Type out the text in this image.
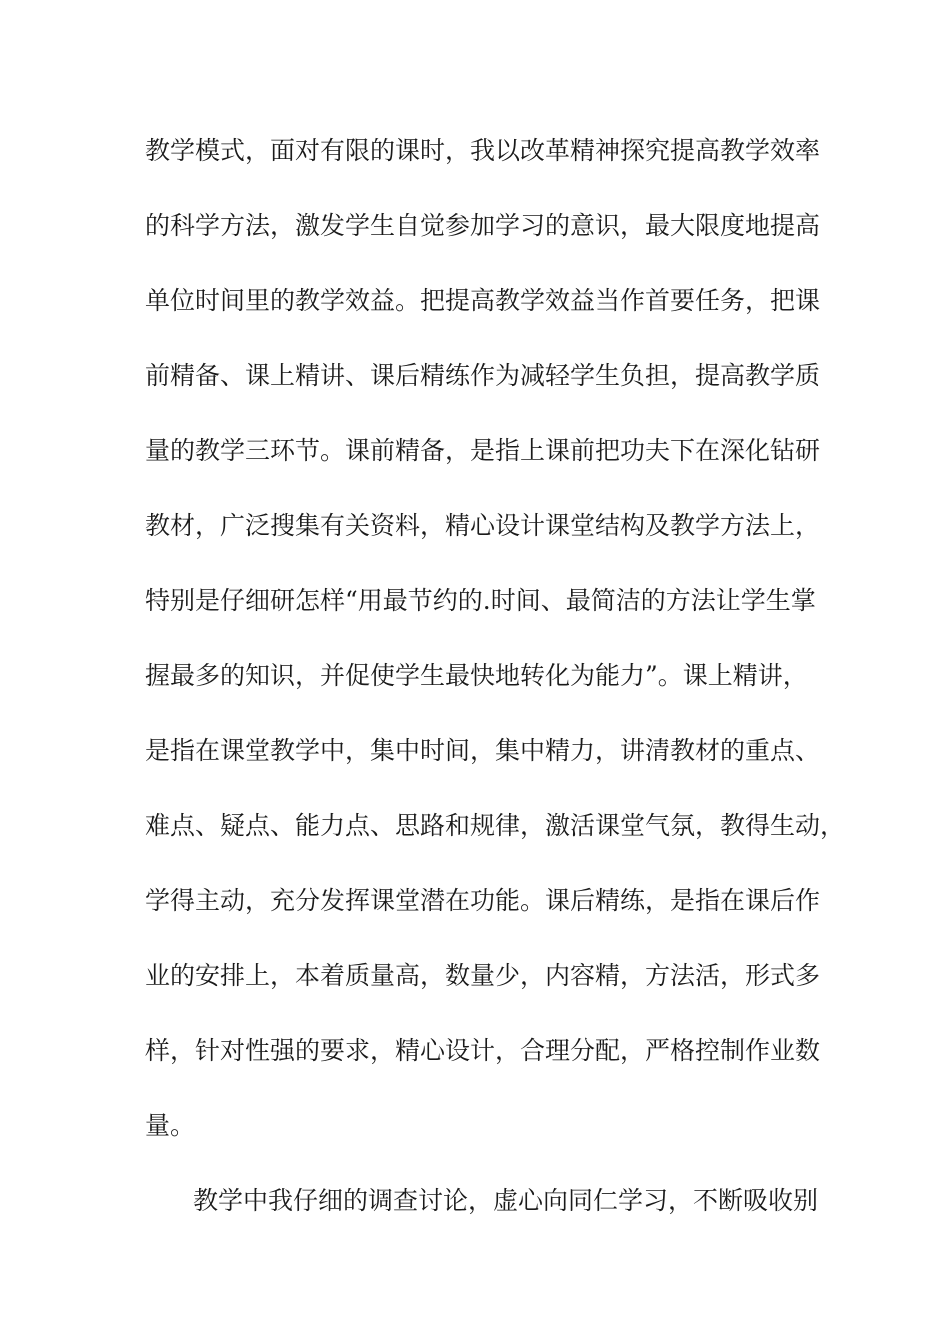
教学模式，面对有限的课时，我以改革精神探究提高教学效率

的科学方法，激发学生自觉参加学习的意识，最大限度地提高

单位时间里的教学效益。把提高教学效益当作首要任务，把课

前精备、课上精讲、课后精练作为减轻学生负担，提高教学质

量的教学三环节。课前精备，是指上课前把功夫下在深化钻研

教材，广泛搜集有关资料，精心设计课堂结构及教学方法上，

特别是仔细研怎样“用最节约的.时间、最简洁的方法让学生掌

握最多的知识，并促使学生最快地转化为能力”。课上精讲，

是指在课堂教学中，集中时间，集中精力，讲清教材的重点、

难点、疑点、能力点、思路和规律，激活课堂气氛，教得生动，

学得主动，充分发挥课堂潜在功能。课后精练，是指在课后作

业的安排上，本着质量高，数量少，内容精，方法活，形式多

样，针对性强的要求，精心设计，合理分配，严格控制作业数

量。

教学中我仔细的调查讨论，虚心向同仁学习，不断吸收别
